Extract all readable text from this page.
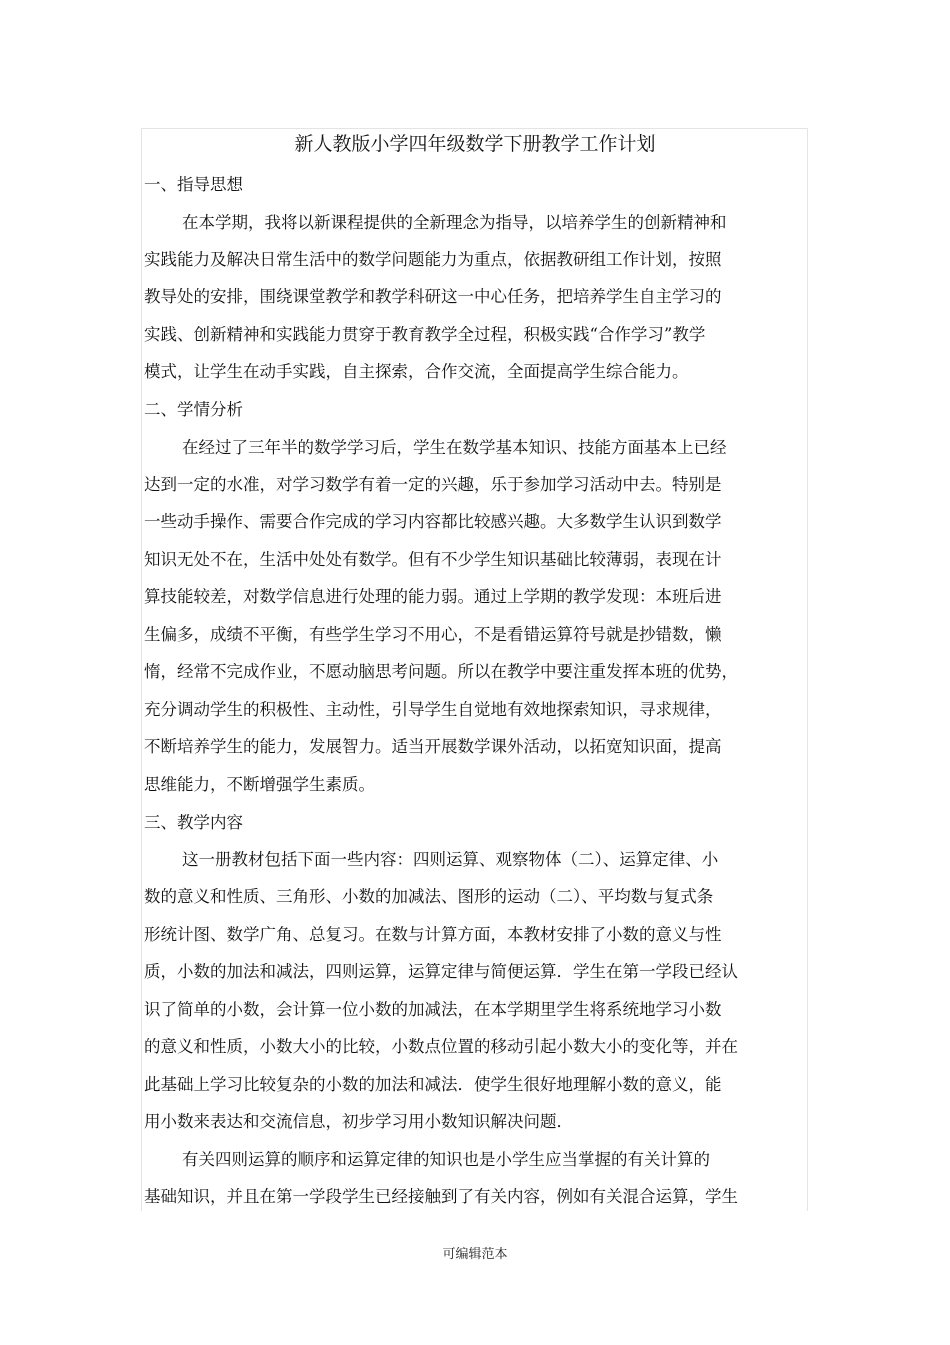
新人教版小学四年级数学下册教学工作计划
一、指导思想
在本学期，我将以新课程提供的全新理念为指导，以培养学生的创新精神和
实践能力及解决日常生活中的数学问题能力为重点，依据教研组工作计划，按照
教导处的安排，围绕课堂教学和教学科研这一中心任务，把培养学生自主学习的
实践、创新精神和实践能力贯穿于教育教学全过程，积极实践“合作学习”教学
模式，让学生在动手实践，自主探索，合作交流，全面提高学生综合能力。
二、学情分析
在经过了三年半的数学学习后，学生在数学基本知识、技能方面基本上已经
达到一定的水准，对学习数学有着一定的兴趣，乐于参加学习活动中去。特别是
一些动手操作、需要合作完成的学习内容都比较感兴趣。大多数学生认识到数学
知识无处不在，生活中处处有数学。但有不少学生知识基础比较薄弱，表现在计
算技能较差，对数学信息进行处理的能力弱。通过上学期的教学发现：本班后进
生偏多，成绩不平衡，有些学生学习不用心，不是看错运算符号就是抄错数，懒
惰，经常不完成作业，不愿动脑思考问题。所以在教学中要注重发挥本班的优势，
充分调动学生的积极性、主动性，引导学生自觉地有效地探索知识，寻求规律，
不断培养学生的能力，发展智力。适当开展数学课外活动，以拓宽知识面，提高
思维能力，不断增强学生素质。
三、教学内容
这一册教材包括下面一些内容：四则运算、观察物体（二）、运算定律、小
数的意义和性质、三角形、小数的加减法、图形的运动（二）、平均数与复式条
形统计图、数学广角、总复习。在数与计算方面，本教材安排了小数的意义与性
质，小数的加法和减法，四则运算，运算定律与简便运算．学生在第一学段已经认
识了简单的小数，会计算一位小数的加减法，在本学期里学生将系统地学习小数
的意义和性质，小数大小的比较，小数点位置的移动引起小数大小的变化等，并在
此基础上学习比较复杂的小数的加法和减法．使学生很好地理解小数的意义，能
用小数来表达和交流信息，初步学习用小数知识解决问题．
有关四则运算的顺序和运算定律的知识也是小学生应当掌握的有关计算的
基础知识，并且在第一学段学生已经接触到了有关内容，例如有关混合运算，学生
可编辑范本
